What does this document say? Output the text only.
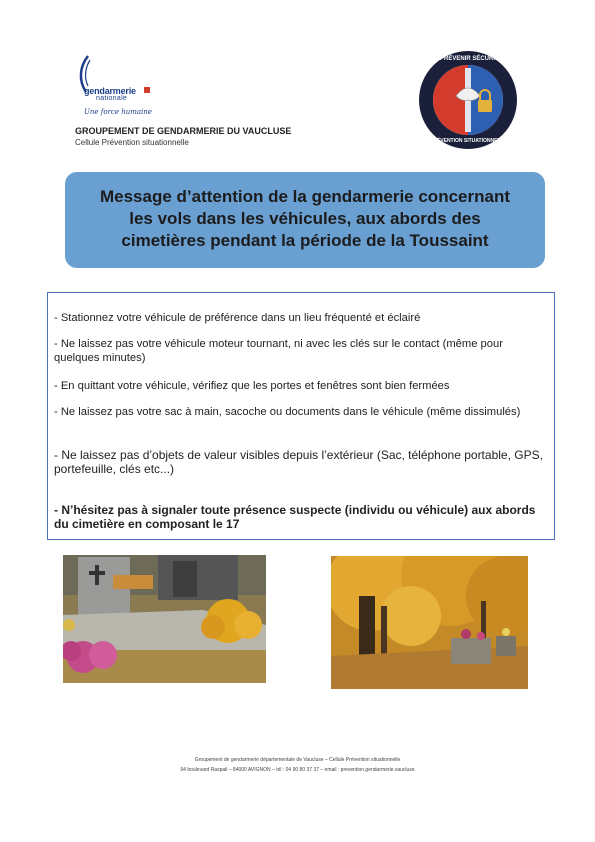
gendarmerie
nationale
Une force humaine
GROUPEMENT DE GENDARMERIE DU VAUCLUSE
Cellule Prévention situationnelle
PRÉVENIR SÉCURISER
PRÉVENTION SITUATIONNELLE
Message d’attention de la gendarmerie concernant
les vols dans les véhicules, aux abords des
cimetières pendant la période de la Toussaint
- Stationnez votre véhicule de préférence dans un lieu fréquenté et éclairé
- Ne laissez pas votre véhicule moteur tournant, ni avec les clés sur le contact (même pour quelques minutes)
- En quittant votre véhicule, vérifiez que les portes et fenêtres sont bien fermées
- Ne laissez pas votre sac à main, sacoche ou documents dans le véhicule (même dissimulés)
- Ne laissez pas d’objets de valeur visibles depuis l’extérieur (Sac, téléphone portable, GPS, portefeuille, clés etc...)
- N’hésitez pas à signaler toute présence suspecte (individu ou véhicule) aux abords du cimetière en composant le 17
Groupement de gendarmerie départementale de Vaucluse – Cellule Prévention situationnelle
94 boulevard Raspail – 84000 AVIGNON – tél : 04 90 80 37 37 – email : prevention.gendarmerie.vaucluse
